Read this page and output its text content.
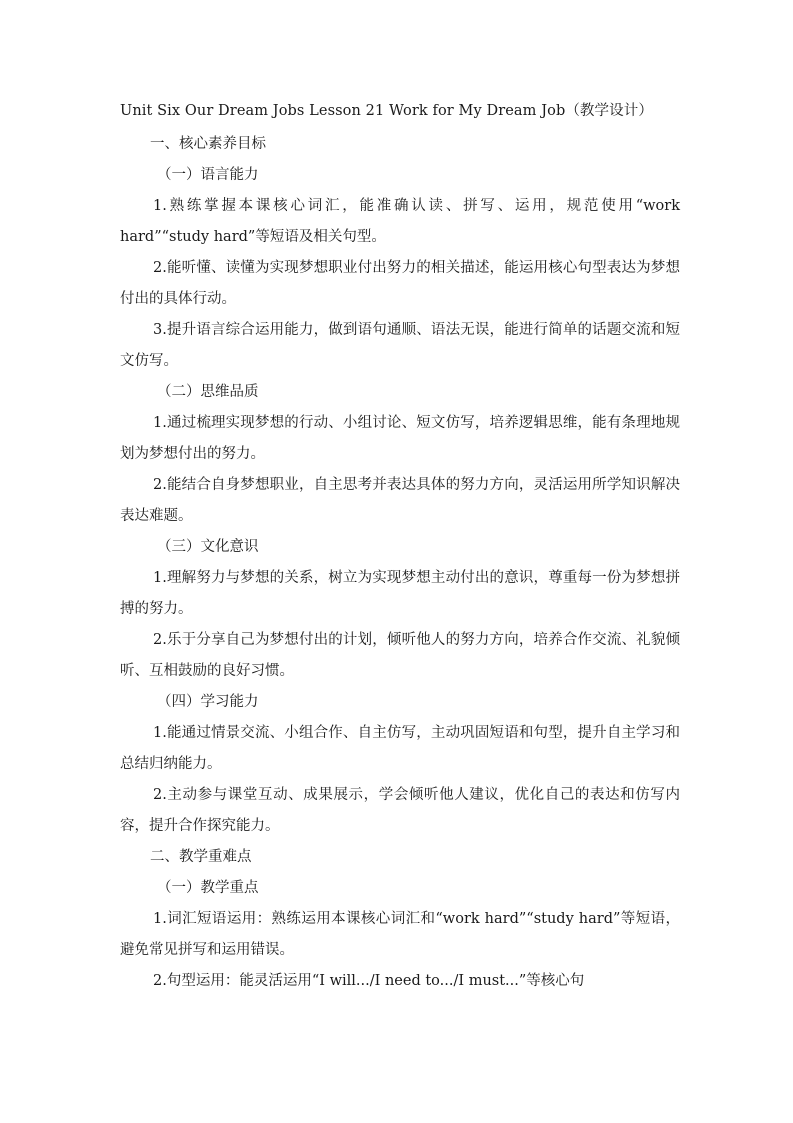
Unit Six Our Dream Jobs Lesson 21 Work for My Dream Job（教学设计）

一、核心素养目标

（一）语言能力

1.熟练掌握本课核心词汇，能准确认读、拼写、运用，规范使用“work hard”“study hard”等短语及相关句型。

2.能听懂、读懂为实现梦想职业付出努力的相关描述，能运用核心句型表达为梦想付出的具体行动。

3.提升语言综合运用能力，做到语句通顺、语法无误，能进行简单的话题交流和短文仿写。

（二）思维品质

1.通过梳理实现梦想的行动、小组讨论、短文仿写，培养逻辑思维，能有条理地规划为梦想付出的努力。

2.能结合自身梦想职业，自主思考并表达具体的努力方向，灵活运用所学知识解决表达难题。

（三）文化意识

1.理解努力与梦想的关系，树立为实现梦想主动付出的意识，尊重每一份为梦想拼搏的努力。

2.乐于分享自己为梦想付出的计划，倾听他人的努力方向，培养合作交流、礼貌倾听、互相鼓励的良好习惯。

（四）学习能力

1.能通过情景交流、小组合作、自主仿写，主动巩固短语和句型，提升自主学习和总结归纳能力。

2.主动参与课堂互动、成果展示，学会倾听他人建议，优化自己的表达和仿写内容，提升合作探究能力。

二、教学重难点

（一）教学重点

1.词汇短语运用：熟练运用本课核心词汇和“work hard”“study hard”等短语，避免常见拼写和运用错误。

2.句型运用：能灵活运用“I will.../I need to.../I must...”等核心句
